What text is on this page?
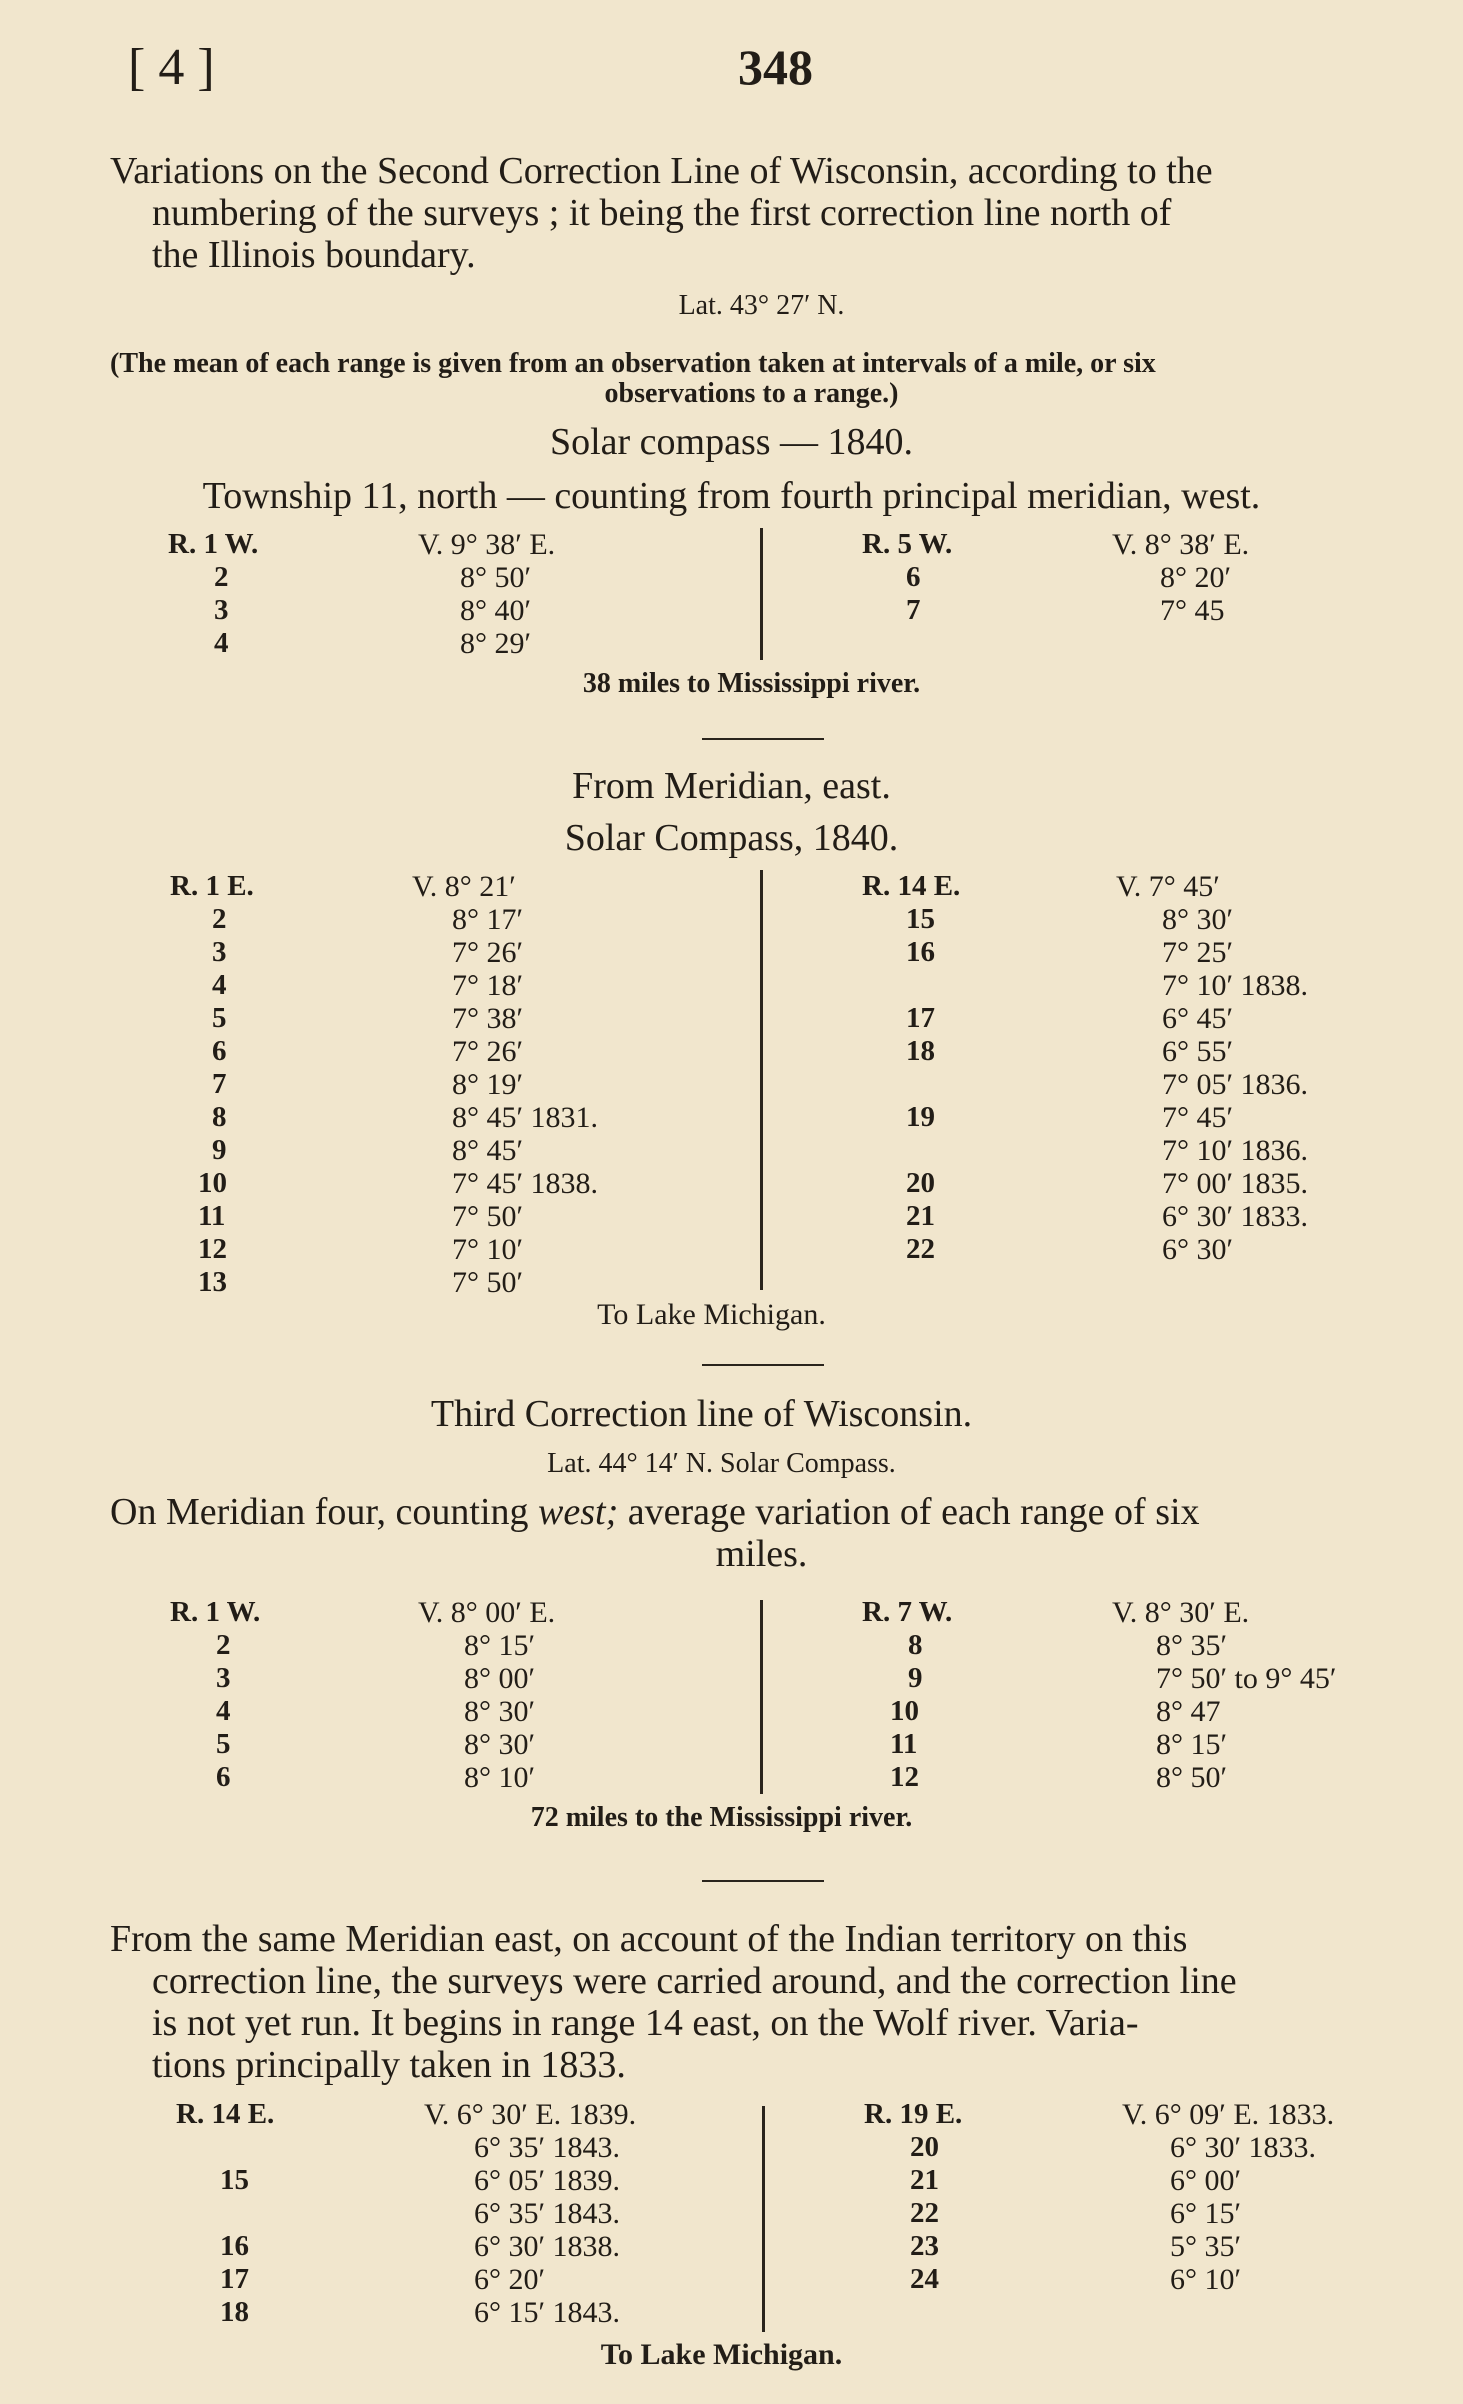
[ 4 ]	348
Variations on the Second Correction Line of Wisconsin, according to the
numbering of the surveys ; it being the first correction line north of
the Illinois boundary.
Lat. 43° 27′ N.
(The mean of each range is given from an observation taken at intervals of a mile, or six
observations to a range.)
Solar compass — 1840.
Township 11, north — counting from fourth principal meridian, west.
R. 1 W.
2
3
4
V. 9° 38′ E.
8° 50′
8° 40′
8° 29′
R. 5 W.
6
7
V. 8° 38′ E.
8° 20′
7° 45
38 miles to Mississippi river.
From Meridian, east.
Solar Compass, 1840.
R. 1 E.
2
3
4
5
6
7
8
9
10
11
12
13
V. 8° 21′
8° 17′
7° 26′
7° 18′
7° 38′
7° 26′
8° 19′
8° 45′ 1831.
8° 45′
7° 45′ 1838.
7° 50′
7° 10′
7° 50′
R. 14 E.
15
16
17
18
19
20
21
22
V. 7° 45′
8° 30′
7° 25′
7° 10′ 1838.
6° 45′
6° 55′
7° 05′ 1836.
7° 45′
7° 10′ 1836.
7° 00′ 1835.
6° 30′ 1833.
6° 30′
To Lake Michigan.
Third Correction line of Wisconsin.
Lat. 44° 14′ N. Solar Compass.
On Meridian four, counting west; average variation of each range of six
miles.
R. 1 W.
2
3
4
5
6
V. 8° 00′ E.
8° 15′
8° 00′
8° 30′
8° 30′
8° 10′
R. 7 W.
8
9
10
11
12
V. 8° 30′ E.
8° 35′
7° 50′ to 9° 45′
8° 47
8° 15′
8° 50′
72 miles to the Mississippi river.
From the same Meridian east, on account of the Indian territory on this
correction line, the surveys were carried around, and the correction line
is not yet run. It begins in range 14 east, on the Wolf river. Varia-
tions principally taken in 1833.
R. 14 E.
15
16
17
18
V. 6° 30′ E. 1839.
6° 35′ 1843.
6° 05′ 1839.
6° 35′ 1843.
6° 30′ 1838.
6° 20′
6° 15′ 1843.
R. 19 E.
20
21
22
23
24
V. 6° 09′ E. 1833.
6° 30′ 1833.
6° 00′
6° 15′
5° 35′
6° 10′
To Lake Michigan.
